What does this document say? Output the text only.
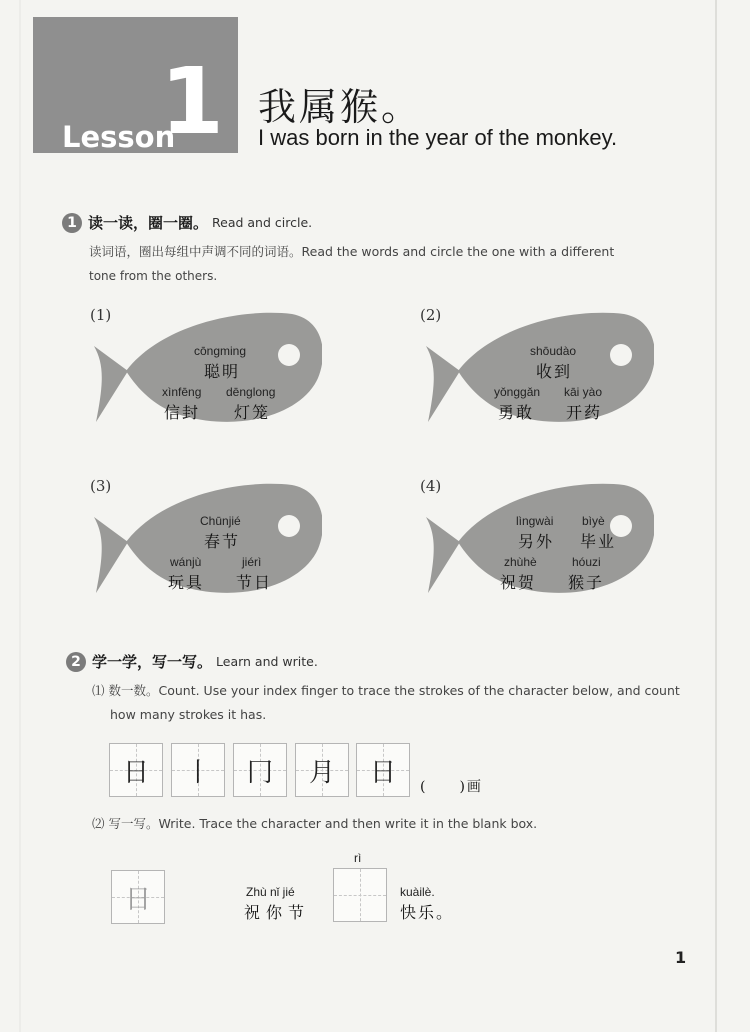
1
Lesson
我属猴。
I was born in the year of the monkey.
1 读一读，圈一圈。 Read and circle.
读词语，圈出每组中声调不同的词语。Read the words and circle the one with a different
tone from the others.
(1)
cōngming
聪明
xìnfēng
信封
dēnglong
灯笼
(2)
shōudào
收到
yǒnggǎn
勇敢
kāi yào
开药
(3)
Chūnjié
春节
wánjù
玩具
jiérì
节日
(4)
lìngwài
另外
bìyè
毕业
zhùhè
祝贺
hóuzi
猴子
2 学一学，写一写。 Learn and write.
⑴ 数一数。Count. Use your index finger to trace the strokes of the character below, and count
how many strokes it has.
日	丨	冂	月	日	(　　)画
⑵ 写一写。Write. Trace the character and then write it in the blank box.
日	Zhù nǐ jié
祝你节
rì
kuàilè.
快乐。
1
